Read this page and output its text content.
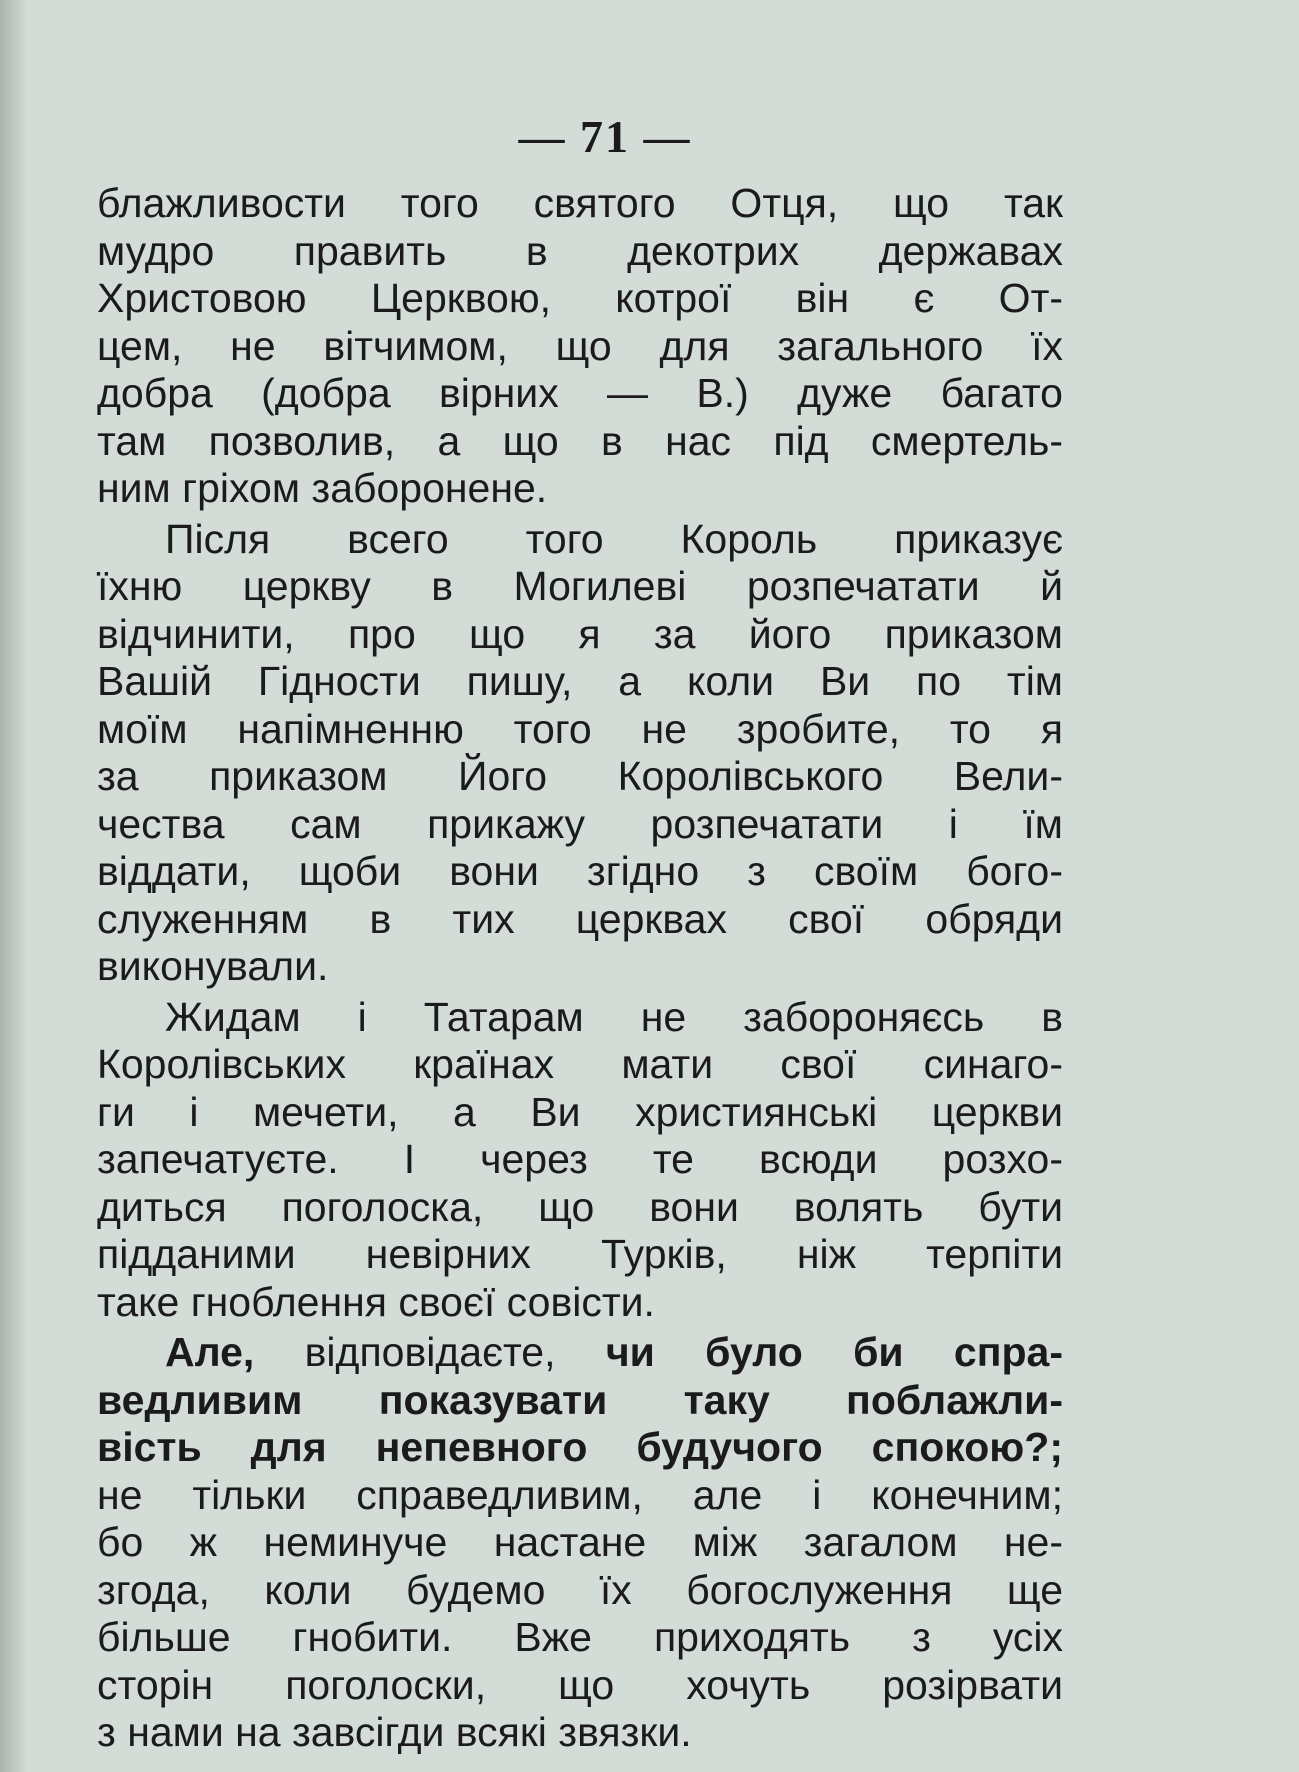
— 71 —
блажливости того святого Отця, що так
мудро править в декотрих державах
Христовою Церквою, котрої він є От-
цем, не вітчимом, що для загального їх
добра (добра вірних — В.) дуже багато
там позволив, а що в нас під смертель-
ним гріхом заборонене.
Після всего того Король приказує
їхню церкву в Могилеві розпечатати й
відчинити, про що я за його приказом
Вашій Гідности пишу, а коли Ви по тім
моїм напімненню того не зробите, то я
за приказом Його Королівського Вели-
чества сам прикажу розпечатати і їм
віддати, щоби вони згідно з своїм бого-
служенням в тих церквах свої обряди
виконували.
Жидам і Татарам не забороняєсь в
Королівських країнах мати свої синаго-
ги і мечети, а Ви християнські церкви
запечатуєте. І через те всюди розхо-
диться поголоска, що вони волять бути
підданими невірних Турків, ніж терпіти
таке гноблення своєї совісти.
Але, відповідаєте, чи було би спра-
ведливим показувати таку поблажли-
вість для непевного будучого спокою?;
не тільки справедливим, але і конечним;
бо ж неминуче настане між загалом не-
згода, коли будемо їх богослуження ще
більше гнобити. Вже приходять з усіх
сторін поголоски, що хочуть розірвати
з нами на завсігди всякі звязки.
